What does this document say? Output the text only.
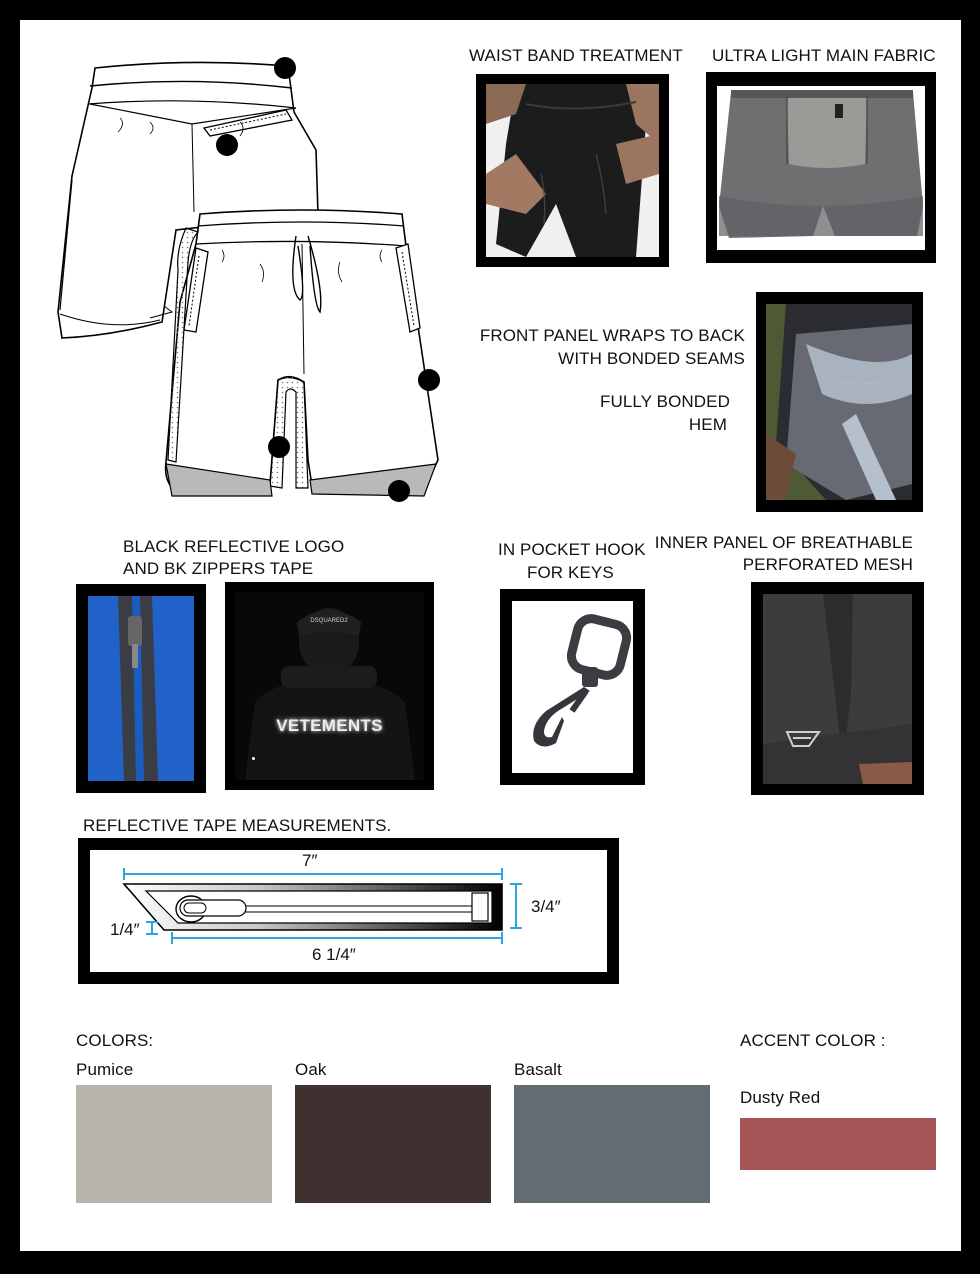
WAIST BAND TREATMENT ULTRA LIGHT MAIN FABRIC
FRONT PANEL WRAPS TO BACK
WITH BONDED SEAMS
FULLY BONDED
HEM
BLACK REFLECTIVE LOGO
AND BK ZIPPERS TAPE
DSQUARED2
VETEMENTS
IN POCKET HOOK
FOR KEYS
INNER PANEL OF BREATHABLE
PERFORATED MESH
REFLECTIVE TAPE MEASUREMENTS.
7″
3/4″
1/4″
6 1/4″
COLORS:	ACCENT COLOR :
Pumice	Oak	Basalt
Dusty Red
